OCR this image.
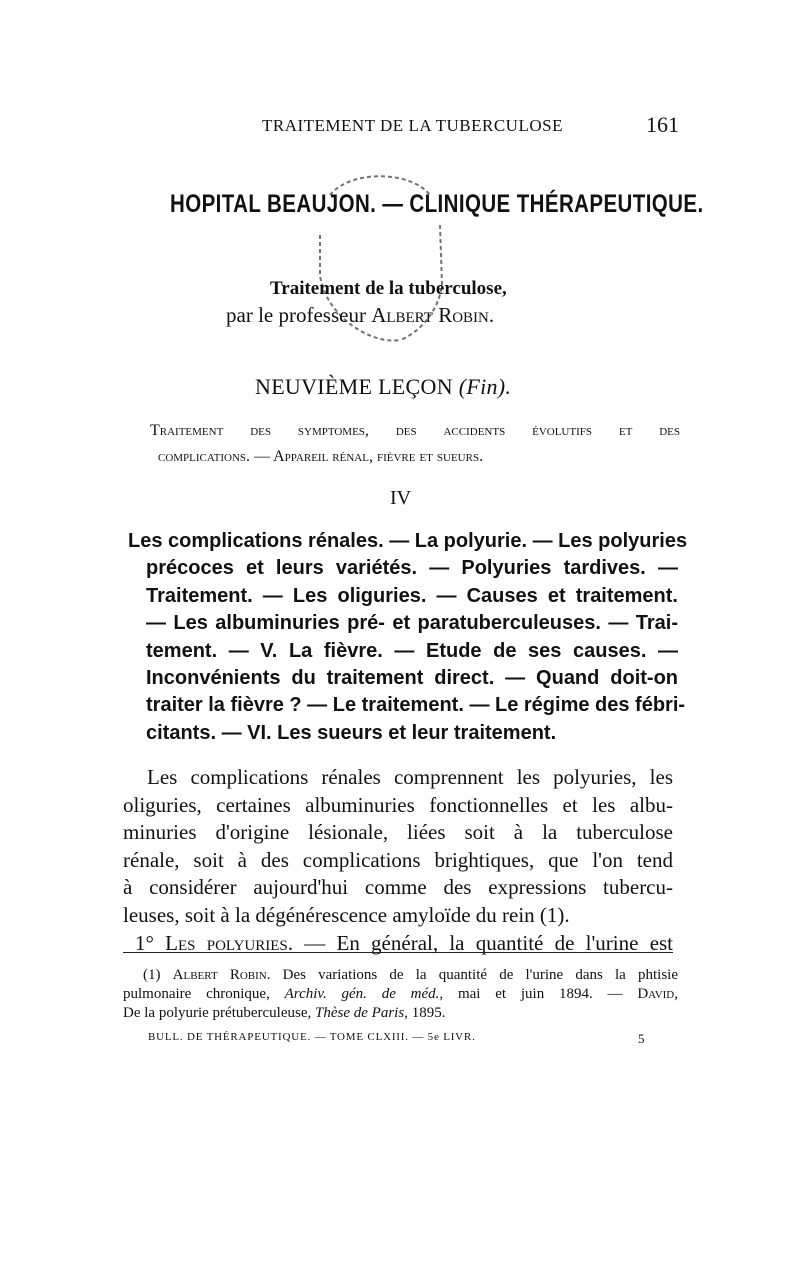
TRAITEMENT DE LA TUBERCULOSE	161
HOPITAL BEAUJON. — CLINIQUE THÉRAPEUTIQUE.
Traitement de la tuberculose,
par le professeur Albert Robin.
NEUVIÈME LEÇON (Fin).
Traitement des symptomes, des accidents évolutifs et des
complications. — Appareil rénal, fièvre et sueurs.
IV
Les complications rénales. — La polyurie. — Les polyuries
précoces et leurs variétés. — Polyuries tardives. —
Traitement. — Les oliguries. — Causes et traitement.
— Les albuminuries pré- et paratuberculeuses. — Trai-
tement. — V. La fièvre. — Etude de ses causes. —
Inconvénients du traitement direct. — Quand doit-on
traiter la fièvre ? — Le traitement. — Le régime des fébri-
citants. — VI. Les sueurs et leur traitement.
Les complications rénales comprennent les polyuries, les
oliguries, certaines albuminuries fonctionnelles et les albu-
minuries d'origine lésionale, liées soit à la tuberculose
rénale, soit à des complications brightiques, que l'on tend
à considérer aujourd'hui comme des expressions tubercu-
leuses, soit à la dégénérescence amyloïde du rein (1).
1° Les polyuries. — En général, la quantité de l'urine est
(1) Albert Robin. Des variations de la quantité de l'urine dans la phtisie
pulmonaire chronique, Archiv. gén. de méd., mai et juin 1894. — David,
De la polyurie prétuberculeuse, Thèse de Paris, 1895.
BULL. DE THÉRAPEUTIQUE. — TOME CLXIII. — 5e LIVR.	5
